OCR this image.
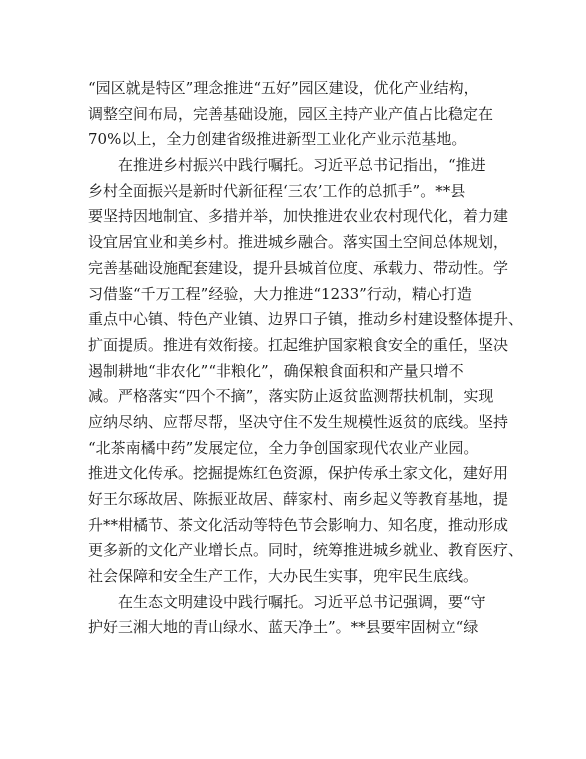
“园区就是特区”理念推进“五好”园区建设，优化产业结构，
调整空间布局，完善基础设施，园区主持产业产值占比稳定在
70%以上，全力创建省级推进新型工业化产业示范基地。
在推进乡村振兴中践行嘱托。习近平总书记指出，“推进
乡村全面振兴是新时代新征程‘三农’工作的总抓手”。**县
要坚持因地制宜、多措并举，加快推进农业农村现代化，着力建
设宜居宜业和美乡村。推进城乡融合。落实国土空间总体规划，
完善基础设施配套建设，提升县城首位度、承载力、带动性。学
习借鉴“千万工程”经验，大力推进“1233”行动，精心打造
重点中心镇、特色产业镇、边界口子镇，推动乡村建设整体提升、
扩面提质。推进有效衔接。扛起维护国家粮食安全的重任，坚决
遏制耕地“非农化”“非粮化”，确保粮食面积和产量只增不
减。严格落实“四个不摘”，落实防止返贫监测帮扶机制，实现
应纳尽纳、应帮尽帮，坚决守住不发生规模性返贫的底线。坚持
“北茶南橘中药”发展定位，全力争创国家现代农业产业园。
推进文化传承。挖掘提炼红色资源，保护传承土家文化，建好用
好王尔琢故居、陈振亚故居、薛家村、南乡起义等教育基地，提
升**柑橘节、茶文化活动等特色节会影响力、知名度，推动形成
更多新的文化产业增长点。同时，统筹推进城乡就业、教育医疗、
社会保障和安全生产工作，大办民生实事，兜牢民生底线。
在生态文明建设中践行嘱托。习近平总书记强调，要“守
护好三湘大地的青山绿水、蓝天净土”。**县要牢固树立“绿
